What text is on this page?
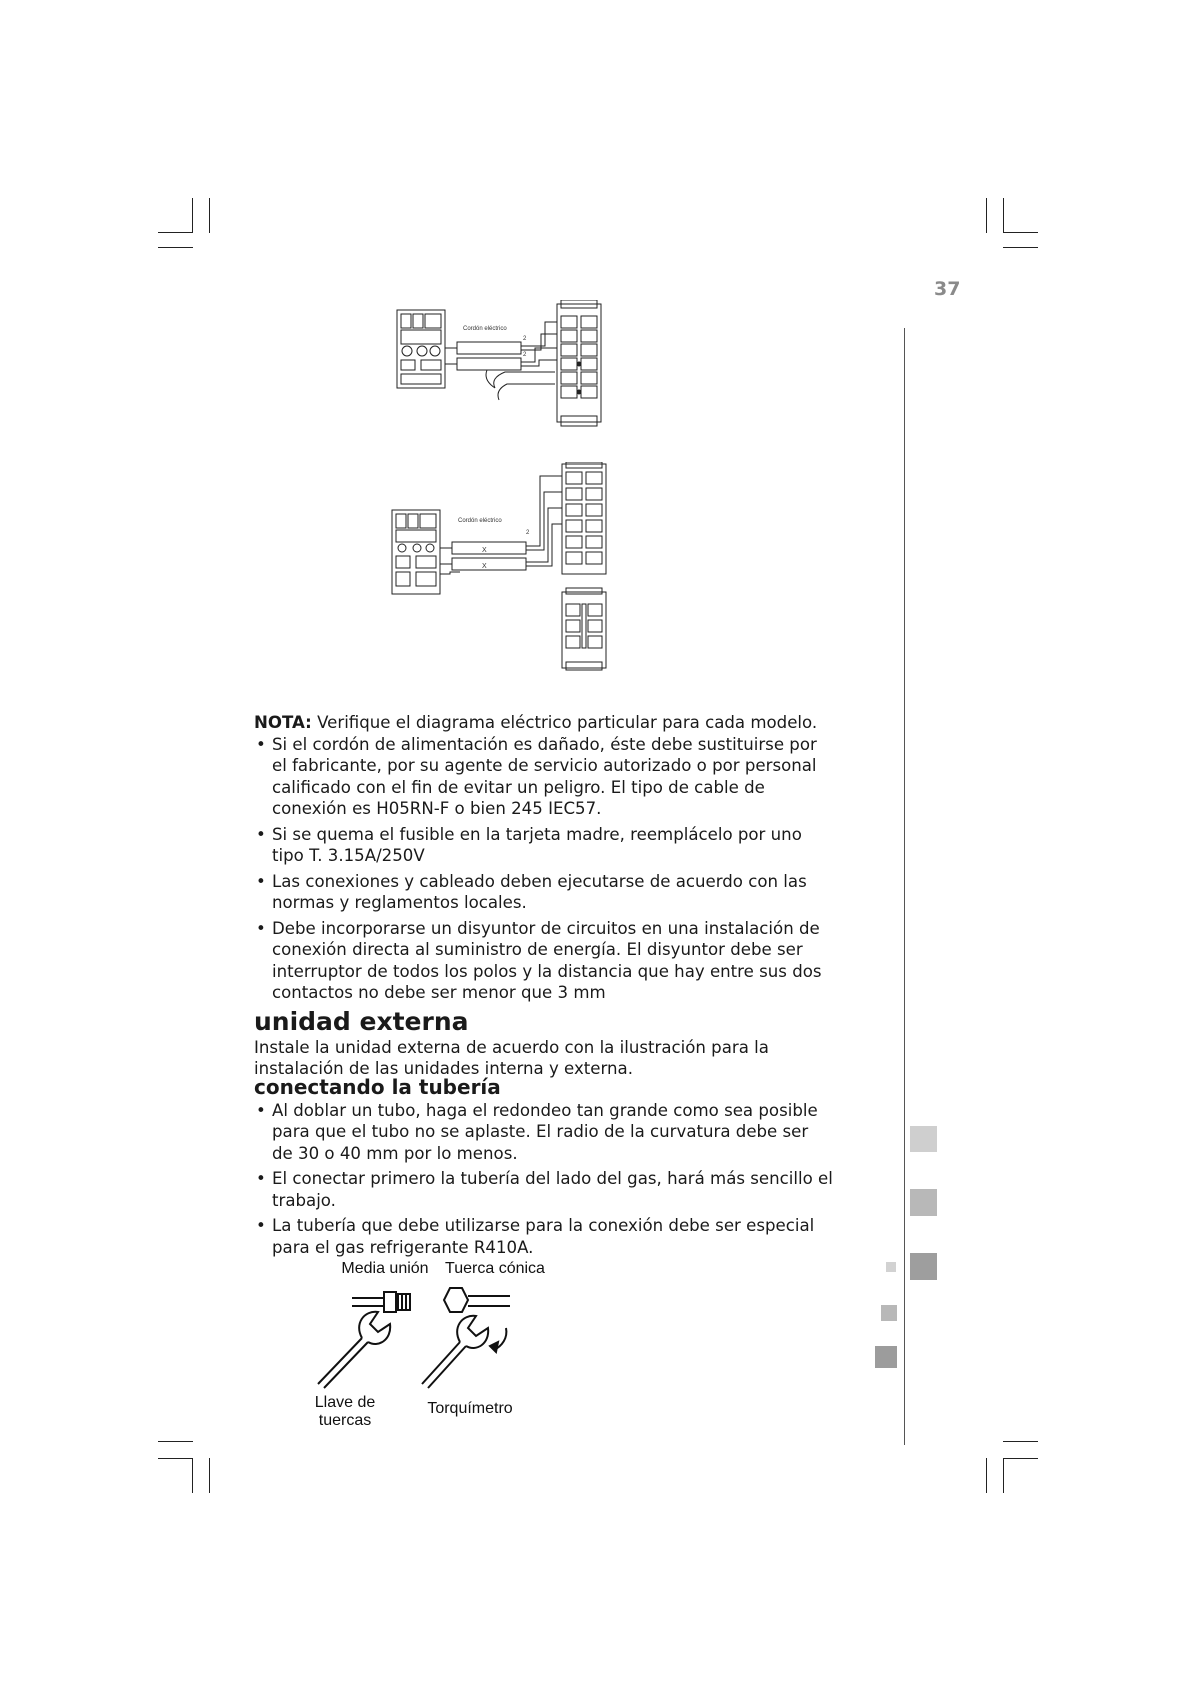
37
Cordón eléctrico
2
2
Cordón eléctrico
2
X
X

NOTA: Verifique el diagrama eléctrico particular para cada modelo.

• Si el cordón de alimentación es dañado, éste debe sustituirse por el fabricante, por su agente de servicio autorizado o por personal calificado con el fin de evitar un peligro. El tipo de cable de conexión es H05RN-F o bien 245 IEC57.
• Si se quema el fusible en la tarjeta madre, reemplácelo por uno tipo T. 3.15A/250V
• Las conexiones y cableado deben ejecutarse de acuerdo con las normas y reglamentos locales.
• Debe incorporarse un disyuntor de circuitos en una instalación de conexión directa al suministro de energía. El disyuntor debe ser interruptor de todos los polos y la distancia que hay entre sus dos contactos no debe ser menor que 3 mm
unidad externa

Instale la unidad externa de acuerdo con la ilustración para la instalación de las unidades interna y externa.

conectando la tubería
• Al doblar un tubo, haga el redondeo tan grande como sea posible para que el tubo no se aplaste. El radio de la curvatura debe ser de 30 o 40 mm por lo menos.
• El conectar primero la tubería del lado del gas, hará más sencillo el trabajo.
• La tubería que debe utilizarse para la conexión debe ser especial para el gas refrigerante R410A.
Media unión	Tuerca cónica
Llave de
tuercas
Torquímetro
